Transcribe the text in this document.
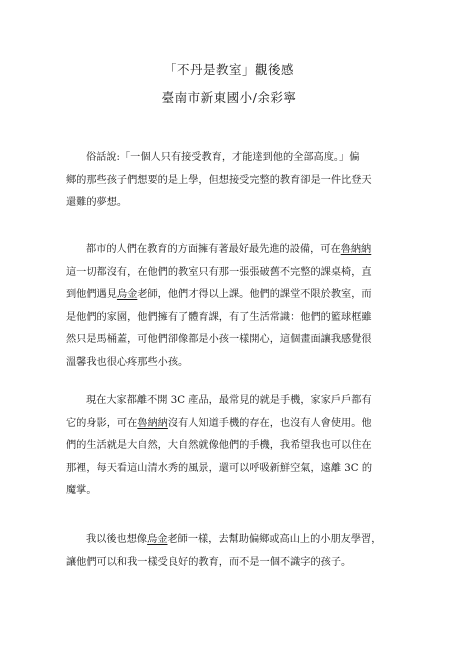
「不丹是教室」觀後感
臺南市新東國小/余彩寧
俗話說:「一個人只有接受教育，才能達到他的全部高度。」偏
鄉的那些孩子們想要的是上學，但想接受完整的教育卻是一件比登天
還難的夢想。
都市的人們在教育的方面擁有著最好最先進的設備，可在魯納納
這一切都沒有，在他們的教室只有那一張張破舊不完整的課桌椅，直
到他們遇見烏金老師，他們才得以上課。他們的課堂不限於教室，而
是他們的家園，他們擁有了體育課，有了生活常識：他們的籃球框雖
然只是馬桶蓋，可他們卻像都是小孩一樣開心，這個畫面讓我感覺很
溫馨我也很心疼那些小孩。
現在大家都離不開 3C 產品，最常見的就是手機，家家戶戶都有
它的身影，可在魯納納沒有人知道手機的存在，也沒有人會使用。他
們的生活就是大自然，大自然就像他們的手機，我希望我也可以住在
那裡，每天看這山清水秀的風景，還可以呼吸新鮮空氣，遠離 3C 的
魔掌。
我以後也想像烏金老師一樣，去幫助偏鄉或高山上的小朋友學習，
讓他們可以和我一樣受良好的教育，而不是一個不識字的孩子。
